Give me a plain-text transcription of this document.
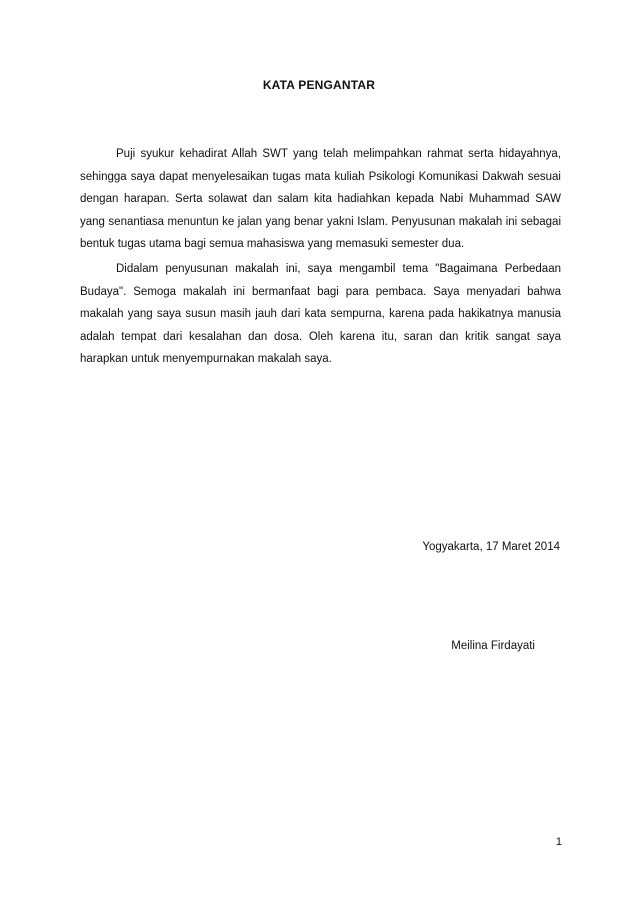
KATA PENGANTAR

Puji syukur kehadirat Allah SWT yang telah melimpahkan rahmat serta hidayahnya, sehingga saya dapat menyelesaikan tugas mata kuliah Psikologi Komunikasi Dakwah sesuai dengan harapan. Serta solawat dan salam kita hadiahkan kepada Nabi Muhammad SAW yang senantiasa menuntun ke jalan yang benar yakni Islam. Penyusunan makalah ini sebagai bentuk tugas utama bagi semua mahasiswa yang memasuki semester dua.

Didalam penyusunan makalah ini, saya mengambil tema "Bagaimana Perbedaan Budaya". Semoga makalah ini bermanfaat bagi para pembaca. Saya menyadari bahwa makalah yang saya susun masih jauh dari kata sempurna, karena pada hakikatnya manusia adalah tempat dari kesalahan dan dosa. Oleh karena itu, saran dan kritik sangat saya harapkan untuk menyempurnakan makalah saya.

Yogyakarta, 17 Maret 2014
Meilina Firdayati
1
